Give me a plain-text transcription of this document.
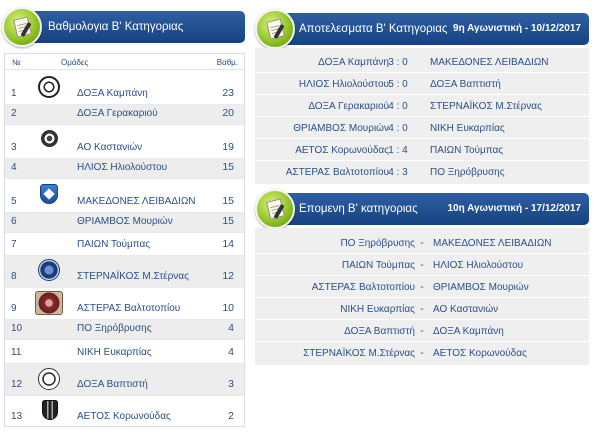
Βαθμολογια Β' Κατηγοριας
№	Ομάδες	Βαθμ.
1	ΔΟΞΑ Καμπάνη	23
2	ΔΟΞΑ Γερακαριού	20
3	ΑΟ Καστανιών	19
4	ΗΛΙΟΣ Ηλιολούστου	15
5	ΜΑΚΕΔΟΝΕΣ ΛΕΙΒΑΔΙΩΝ	15
6	ΘΡΙΑΜΒΟΣ Μουριών	15
7	ΠΑΙΩΝ Τούμπας	14
8	ΣΤΕΡΝΑΪΚΟΣ Μ.Στέρνας	12
9	ΑΣΤΕΡΑΣ Βαλτοτοπίου	10
10	ΠΟ Ξηρόβρυσης	4
11	ΝΙΚΗ Ευκαρπίας	4
12	ΔΟΞΑ Βαπτιστή	3
13	ΑΕΤΟΣ Κορωνούδας	2
Αποτελεσματα Β' Κατηγοριας 9η Αγωνιστική - 10/12/2017
ΔΟΞΑ Καμπάνη 3 : 0	ΜΑΚΕΔΟΝΕΣ ΛΕΙΒΑΔΙΩΝ
ΗΛΙΟΣ Ηλιολούστου 5 : 0	ΔΟΞΑ Βαπτιστή
ΔΟΞΑ Γερακαριού 4 : 0	ΣΤΕΡΝΑΪΚΟΣ Μ.Στέρνας
ΘΡΙΑΜΒΟΣ Μουριών 4 : 0	ΝΙΚΗ Ευκαρπίας
ΑΕΤΟΣ Κορωνούδας 1 : 4	ΠΑΙΩΝ Τούμπας
ΑΣΤΕΡΑΣ Βαλτοτοπίου 4 : 3	ΠΟ Ξηρόβρυσης
Επομενη Β' κατηγοριας	10η Αγωνιστική - 17/12/2017
ΠΟ Ξηρόβρυσης - ΜΑΚΕΔΟΝΕΣ ΛΕΙΒΑΔΙΩΝ
ΠΑΙΩΝ Τούμπας - ΗΛΙΟΣ Ηλιολούστου
ΑΣΤΕΡΑΣ Βαλτοτοπίου - ΘΡΙΑΜΒΟΣ Μουριών
ΝΙΚΗ Ευκαρπίας - ΑΟ Καστανιών
ΔΟΞΑ Βαπτιστή - ΔΟΞΑ Καμπάνη
ΣΤΕΡΝΑΪΚΟΣ Μ.Στέρνας - ΑΕΤΟΣ Κορωνούδας
